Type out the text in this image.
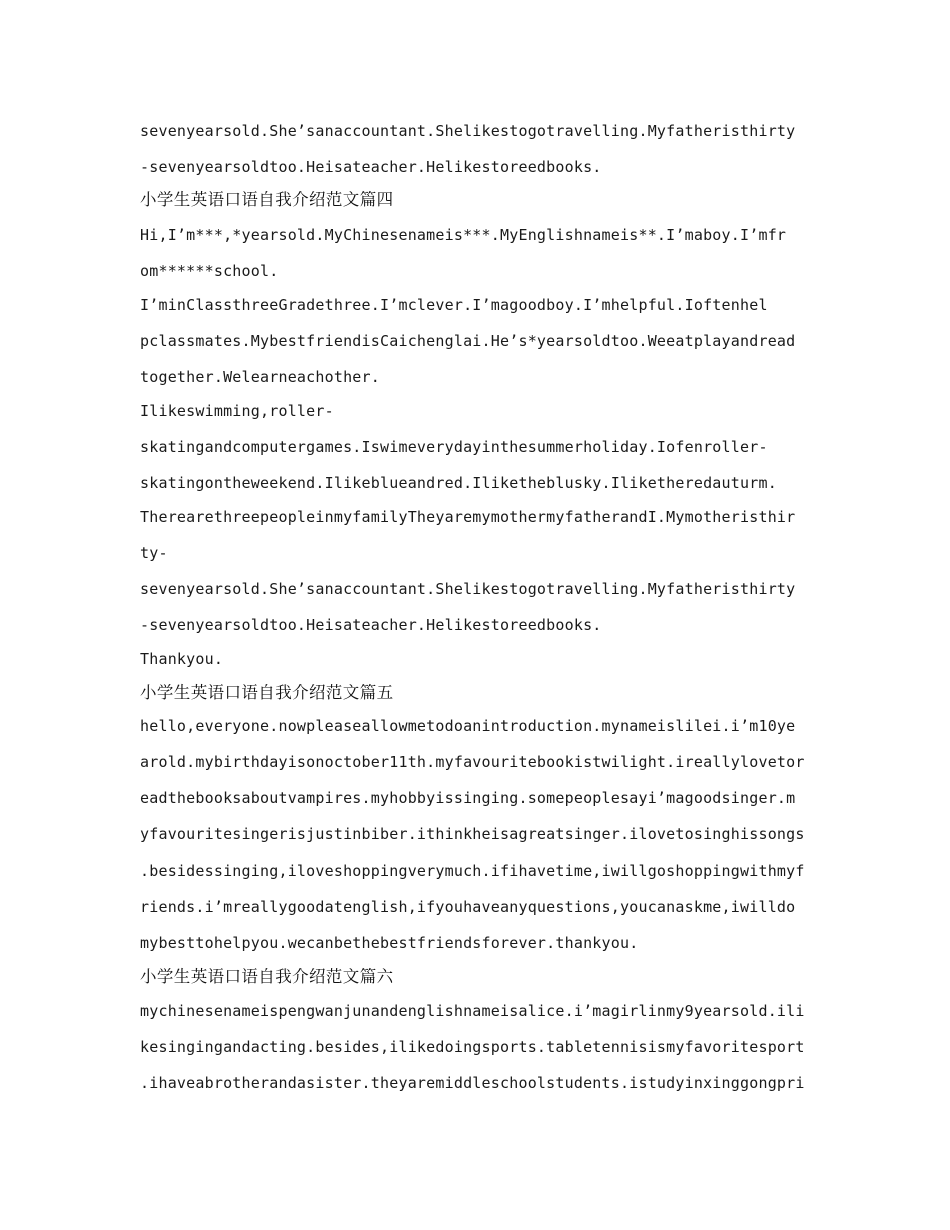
sevenyearsold.She’sanaccountant.Shelikestogotravelling.Myfatheristhirty
-sevenyearsoldtoo.Heisateacher.Helikestoreedbooks.
小学生英语口语自我介绍范文篇四
Hi,I’m***,*yearsold.MyChinesenameis***.MyEnglishnameis**.I’maboy.I’mfr
om******school.
I’minClassthreeGradethree.I’mclever.I’magoodboy.I’mhelpful.Ioftenhel
pclassmates.MybestfriendisCaichenglai.He’s*yearsoldtoo.Weeatplayandread
together.Welearneachother.
Ilikeswimming,roller-
skatingandcomputergames.Iswimeverydayinthesummerholiday.Iofenroller-
skatingontheweekend.Ilikeblueandred.Iliketheblusky.Iliketheredauturm.
TherearethreepeopleinmyfamilyTheyaremymothermyfatherandI.Mymotheristhir
ty-
sevenyearsold.She’sanaccountant.Shelikestogotravelling.Myfatheristhirty
-sevenyearsoldtoo.Heisateacher.Helikestoreedbooks.
Thankyou.
小学生英语口语自我介绍范文篇五
hello,everyone.nowpleaseallowmetodoanintroduction.mynameislilei.i’m10ye
arold.mybirthdayisonoctober11th.myfavouritebookistwilight.ireallylovetor
eadthebooksaboutvampires.myhobbyissinging.somepeoplesayi’magoodsinger.m
yfavouritesingerisjustinbiber.ithinkheisagreatsinger.ilovetosinghissongs
.besidessinging,iloveshoppingverymuch.ifihavetime,iwillgoshoppingwithmyf
riends.i’mreallygoodatenglish,ifyouhaveanyquestions,youcanaskme,iwilldo
mybesttohelpyou.wecanbethebestfriendsforever.thankyou.
小学生英语口语自我介绍范文篇六
mychinesenameispengwanjunandenglishnameisalice.i’magirlinmy9yearsold.ili
kesingingandacting.besides,ilikedoingsports.tabletennisismyfavoritesport
.ihaveabrotherandasister.theyaremiddleschoolstudents.istudyinxinggongpri
